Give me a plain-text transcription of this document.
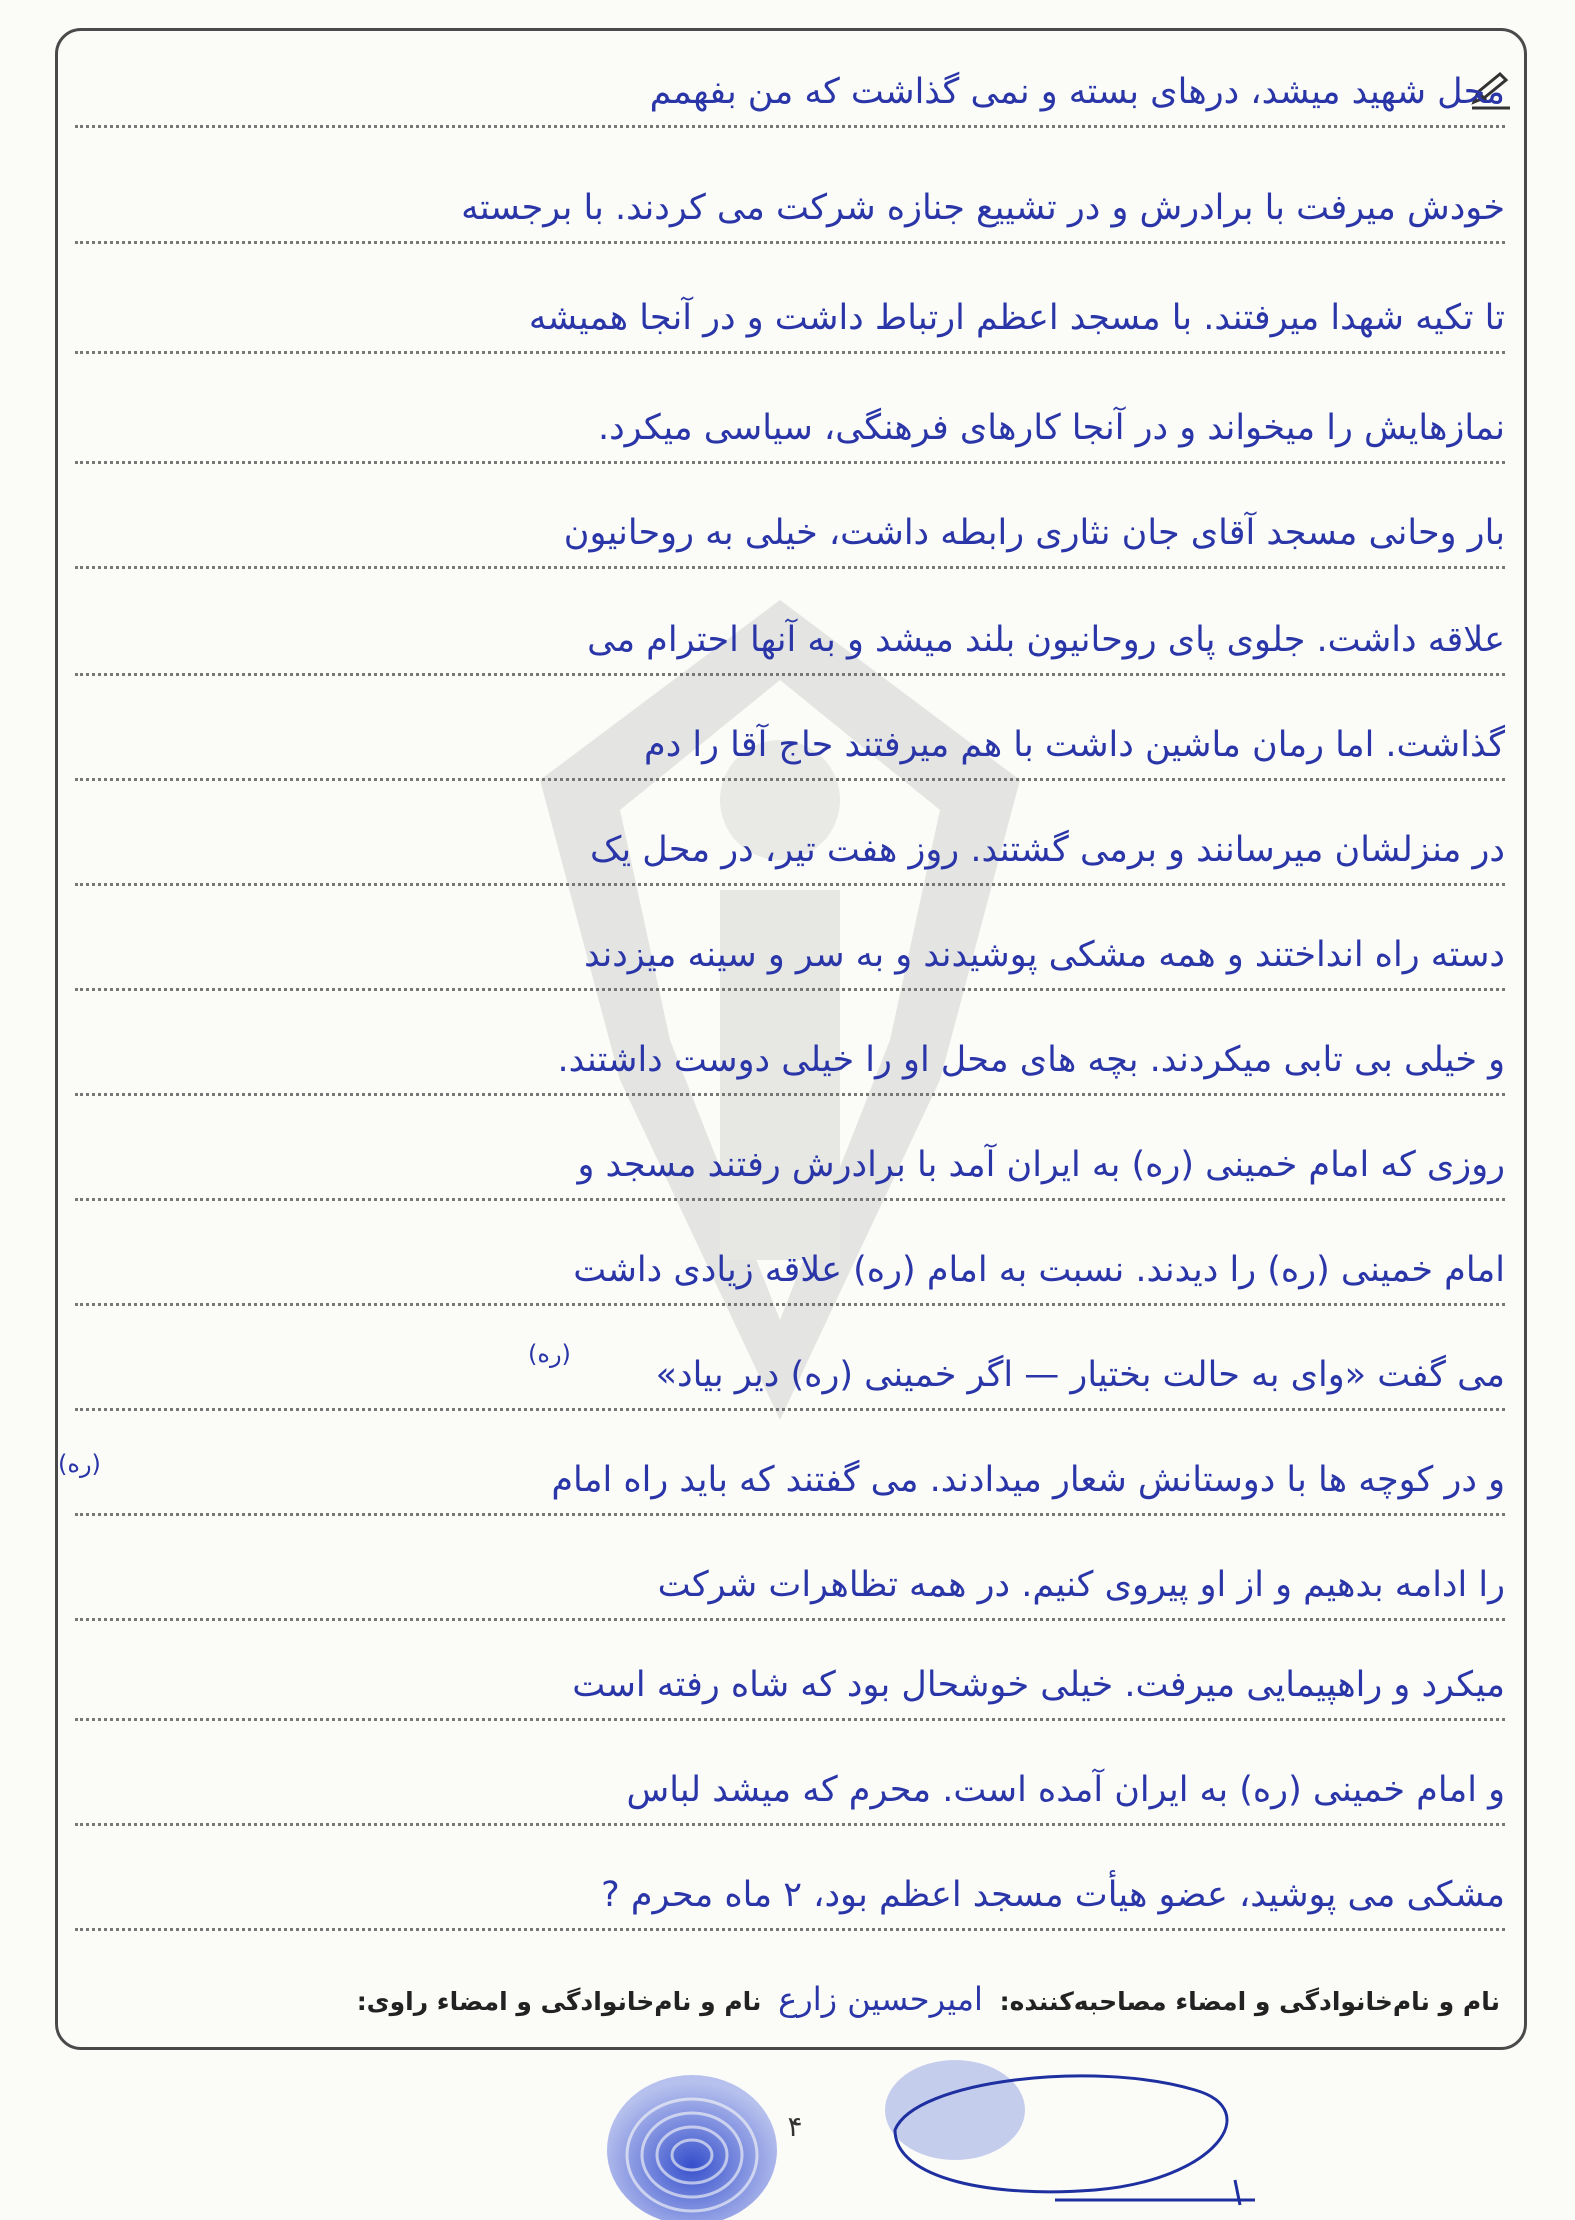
محل شهید میشد، درهای بسته و نمی گذاشت که من بفهمم
خودش میرفت با برادرش و در تشییع جنازه شرکت می کردند. با برجسته
تا تکیه شهدا میرفتند. با مسجد اعظم ارتباط داشت و در آنجا همیشه
نمازهایش را میخواند و در آنجا کارهای فرهنگی، سیاسی میکرد.
بار وحانی مسجد آقای جان نثاری رابطه داشت، خیلی به روحانیون
علاقه داشت. جلوی پای روحانیون بلند میشد و به آنها احترام می
گذاشت. اما رمان ماشین داشت با هم میرفتند حاج آقا را دم
در منزلشان میرسانند و برمی گشتند. روز هفت تیر، در محل یک
دسته راه انداختند و همه مشکی پوشیدند و به سر و سینه میزدند
و خیلی بی تابی میکردند. بچه های محل او را خیلی دوست داشتند.
روزی که امام خمینی (ره) به ایران آمد با برادرش رفتند مسجد و
امام خمینی (ره) را دیدند. نسبت به امام (ره) علاقه زیادی داشت
می گفت «وای به حالت بختیار — اگر خمینی (ره) دیر بیاد»
و در کوچه ها با دوستانش شعار میدادند. می گفتند که باید راه امام
را ادامه بدهیم و از او پیروی کنیم. در همه تظاهرات شرکت
میکرد و راهپیمایی میرفت. خیلی خوشحال بود که شاه رفته است
و امام خمینی (ره) به ایران آمده است. محرم که میشد لباس
مشکی می پوشید، عضو هیأت مسجد اعظم بود، ۲ ماه محرم ?
(ره)
(ره)
نام و نام‌خانوادگی و امضاء مصاحبه‌کننده: امیرحسین زارع نام و نام‌خانوادگی و امضاء راوی:
۴
